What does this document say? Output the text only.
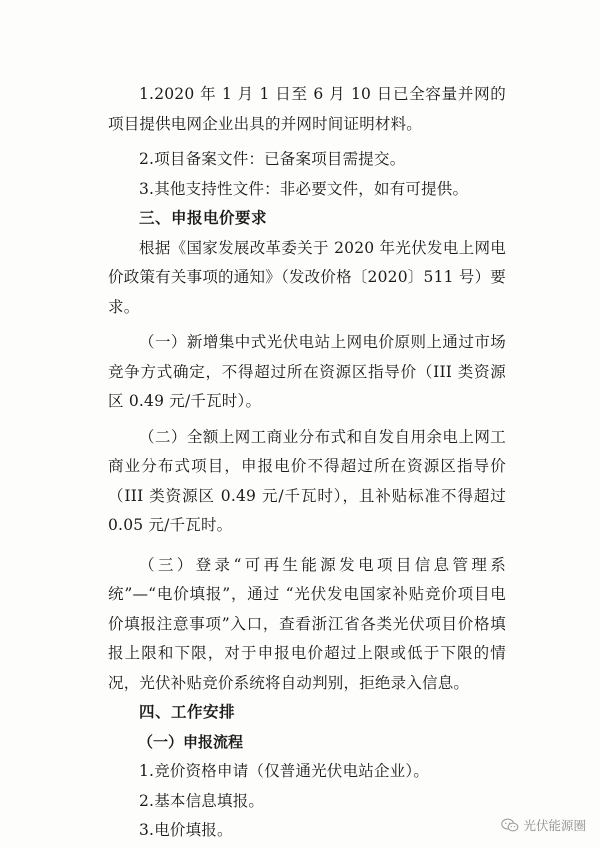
1.2020 年 1 月 1 日至 6 月 10 日已全容量并网的项目提供电网企业出具的并网时间证明材料。

2.项目备案文件：已备案项目需提交。

3.其他支持性文件：非必要文件，如有可提供。

三、申报电价要求

根据《国家发展改革委关于 2020 年光伏发电上网电价政策有关事项的通知》（发改价格〔2020〕511 号）要求。

（一）新增集中式光伏电站上网电价原则上通过市场竞争方式确定，不得超过所在资源区指导价（III 类资源区 0.49 元/千瓦时）。

（二）全额上网工商业分布式和自发自用余电上网工商业分布式项目，申报电价不得超过所在资源区指导价（III 类资源区 0.49 元/千瓦时），且补贴标准不得超过 0.05 元/千瓦时。

（三）登录“可再生能源发电项目信息管理系统”—“电价填报”，通过 “光伏发电国家补贴竞价项目电价填报注意事项”入口，查看浙江省各类光伏项目价格填报上限和下限，对于申报电价超过上限或低于下限的情况，光伏补贴竞价系统将自动判别，拒绝录入信息。

四、工作安排

（一）申报流程

1.竞价资格申请（仅普通光伏电站企业）。

2.基本信息填报。

3.电价填报。	光伏能源圈
